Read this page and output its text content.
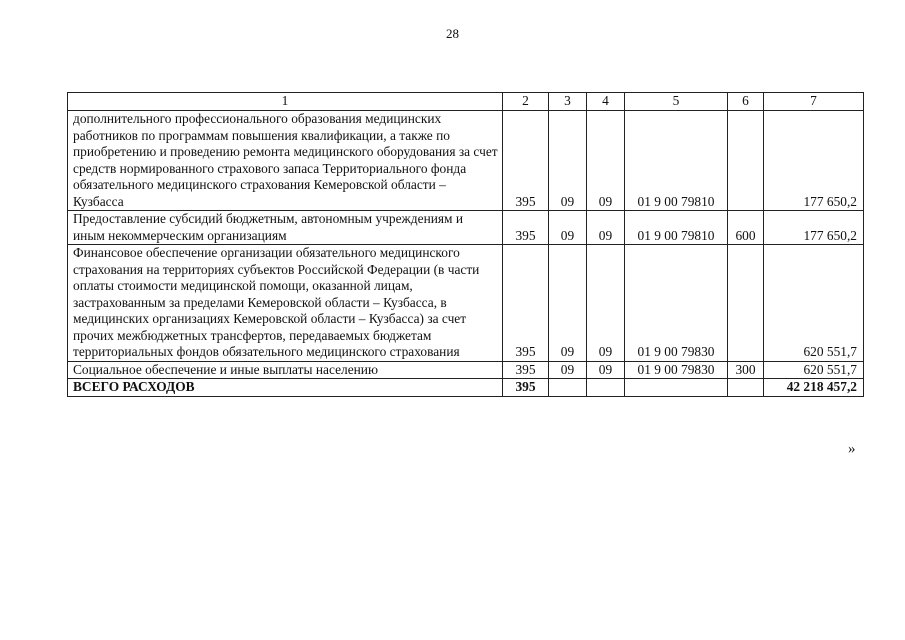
28
1	2	3	4	5	6	7
дополнительного профессионального образования медицинских работников по программам повышения квалификации, а также по приобретению и проведению ремонта медицинского оборудования за счет средств нормированного страхового запаса Территориального фонда обязательного медицинского страхования Кемеровской области – Кузбасса	395	09	09	01 9 00 79810		177 650,2
Предоставление субсидий бюджетным, автономным учреждениям и иным некоммерческим организациям	395	09	09	01 9 00 79810	600	177 650,2
Финансовое обеспечение организации обязательного медицинского страхования на территориях субъектов Российской Федерации (в части оплаты стоимости медицинской помощи, оказанной лицам, застрахованным за пределами Кемеровской области – Кузбасса, в медицинских организациях Кемеровской области – Кузбасса) за счет прочих межбюджетных трансфертов, передаваемых бюджетам территориальных фондов обязательного медицинского страхования	395	09	09	01 9 00 79830		620 551,7
Социальное обеспечение и иные выплаты населению	395	09	09	01 9 00 79830	300	620 551,7
ВСЕГО РАСХОДОВ	395					42 218 457,2
»
